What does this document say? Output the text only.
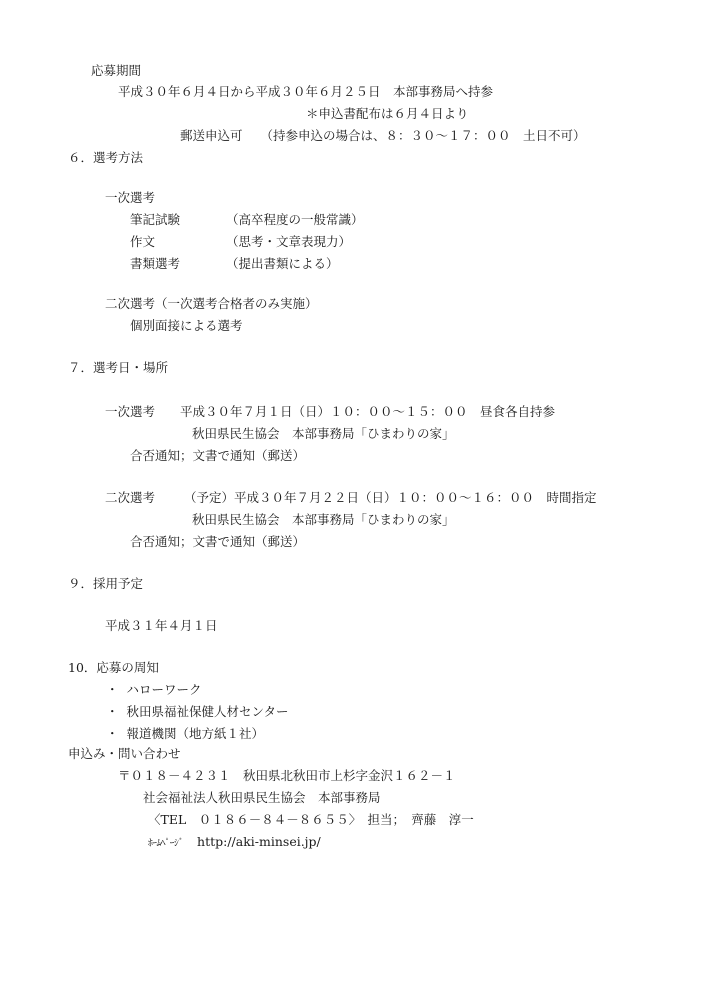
応募期間
平成３０年６月４日から平成３０年６月２５日　本部事務局へ持参
＊申込書配布は６月４日より
郵送申込可 （持参申込の場合は、８：３０～１７：００　土日不可）
６．選考方法
一次選考
筆記試験	（高卒程度の一般常識）
作文	（思考・文章表現力）
書類選考	（提出書類による）
二次選考（一次選考合格者のみ実施）
個別面接による選考
７．選考日・場所
一次選考 平成３０年７月１日（日）１０：００～１５：００　昼食各自持参
秋田県民生協会　本部事務局「ひまわりの家」
合否通知；文書で通知（郵送）
二次選考 （予定）平成３０年７月２２日（日）１０：００～１６：００　時間指定
秋田県民生協会　本部事務局「ひまわりの家」
合否通知；文書で通知（郵送）
９．採用予定
平成３１年４月１日
10．応募の周知
・ ハローワーク
・ 秋田県福祉保健人材センター
・ 報道機関（地方紙１社）
申込み・問い合わせ
〒０１８－４２３１　秋田県北秋田市上杉字金沢１６２－１
社会福祉法人秋田県民生協会　本部事務局
〈TEL　０１８６－８４－８６５５〉　担当；　齊藤　淳一
ﾎｰﾑﾍﾟｰｼﾞ http://aki-minsei.jp/
